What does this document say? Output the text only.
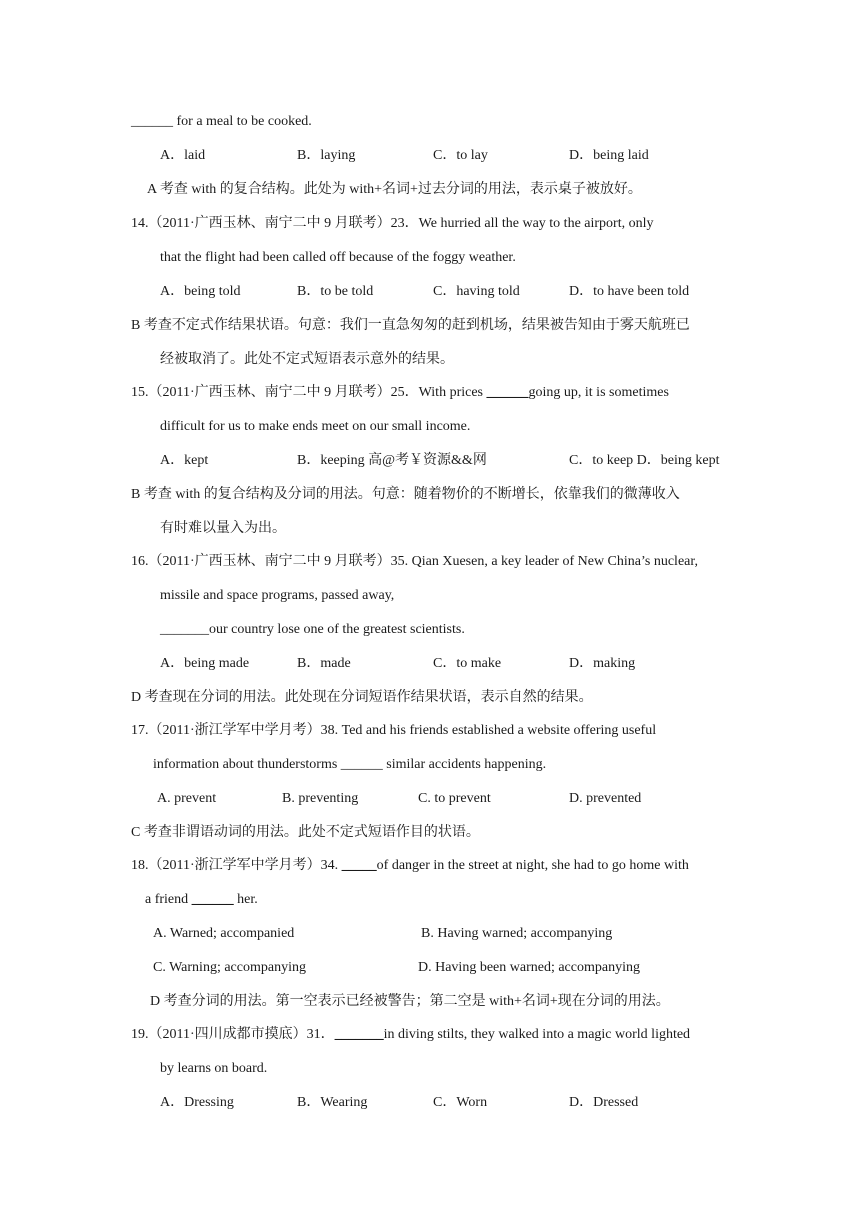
______ for a meal to be cooked.
A．laid	B．laying	C．to lay	D．being laid
A 考查 with 的复合结构。此处为 with+名词+过去分词的用法，表示桌子被放好。
14.（2011·广西玉林、南宁二中 9 月联考）23．We hurried all the way to the airport, only
that the flight had been called off because of the foggy weather.
A．being told	B．to be told	C．having told	D．to have been told
B 考查不定式作结果状语。句意：我们一直急匆匆的赶到机场，结果被告知由于雾天航班已
经被取消了。此处不定式短语表示意外的结果。
15.（2011·广西玉林、南宁二中 9 月联考）25．With prices ______going up, it is sometimes
difficult for us to make ends meet on our small income.
A．kept	B．keeping 高@考￥资源&&网	C．to keep D．being kept
B 考查 with 的复合结构及分词的用法。句意：随着物价的不断增长，依靠我们的微薄收入
有时难以量入为出。
16.（2011·广西玉林、南宁二中 9 月联考）35. Qian Xuesen, a key leader of New China’s nuclear,
missile and space programs, passed away,
_______our country lose one of the greatest scientists.
A．being made	B．made	C．to make	D．making
D 考查现在分词的用法。此处现在分词短语作结果状语，表示自然的结果。
17.（2011·浙江学军中学月考）38. Ted and his friends established a website offering useful
information about thunderstorms ______ similar accidents happening.
A. prevent	B. preventing	C. to prevent	D. prevented
C 考查非谓语动词的用法。此处不定式短语作目的状语。
18.（2011·浙江学军中学月考）34. _____of danger in the street at night, she had to go home with
a friend ______ her.
A. Warned; accompanied	B. Having warned; accompanying
C. Warning; accompanying	D. Having been warned; accompanying
D 考查分词的用法。第一空表示已经被警告；第二空是 with+名词+现在分词的用法。
19.（2011·四川成都市摸底）31．_______in diving stilts, they walked into a magic world lighted
by learns on board.
A．Dressing	B．Wearing	C．Worn	D．Dressed
